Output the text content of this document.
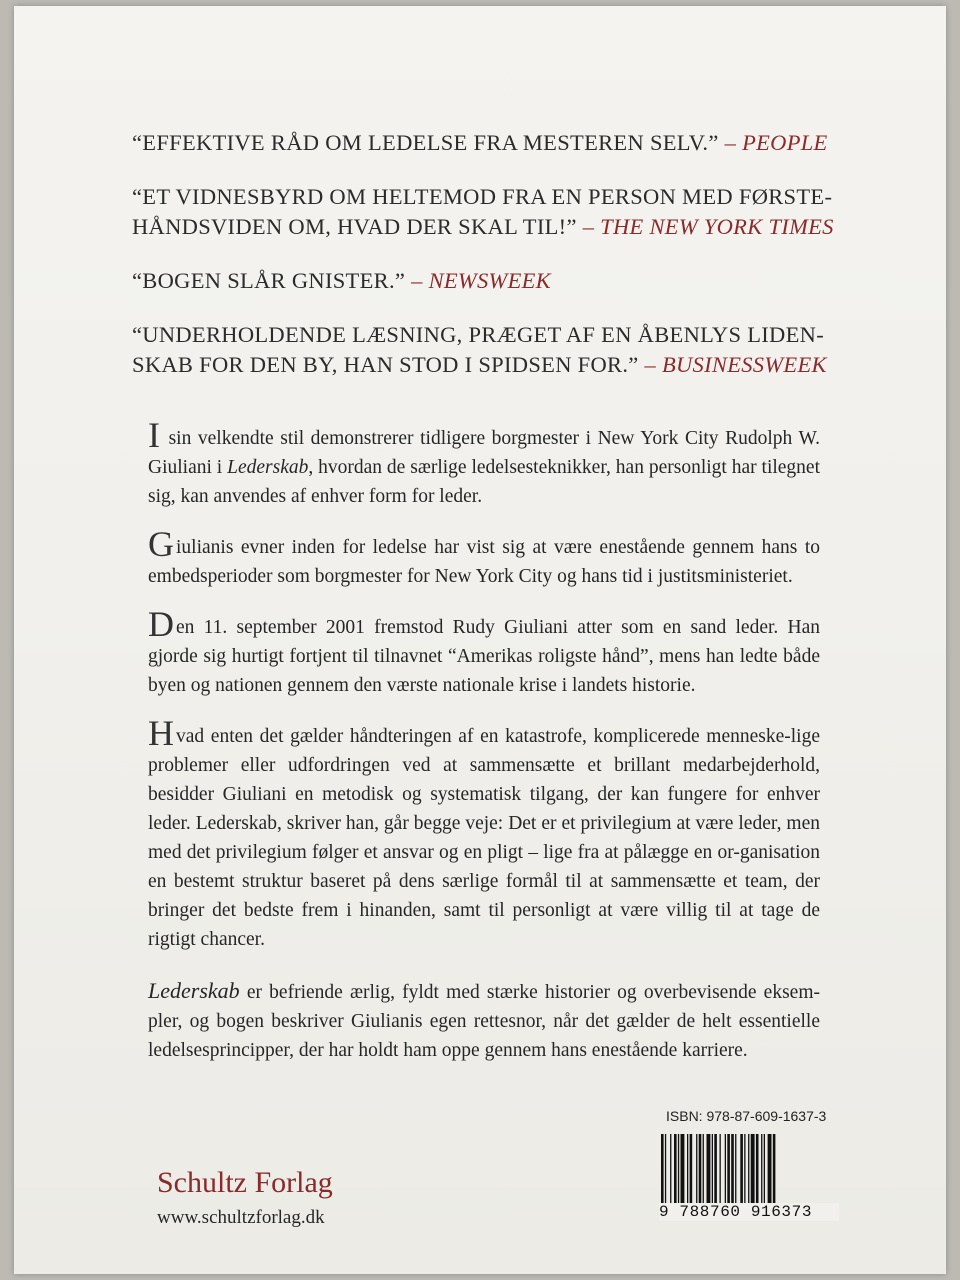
“EFFEKTIVE RÅD OM LEDELSE FRA MESTEREN SELV.” – PEOPLE

“ET VIDNESBYRD OM HELTEMOD FRA EN PERSON MED FØRSTE-HÅNDSVIDEN OM, HVAD DER SKAL TIL!” – THE NEW YORK TIMES

“BOGEN SLÅR GNISTER.” – NEWSWEEK

“UNDERHOLDENDE LÆSNING, PRÆGET AF EN ÅBENLYS LIDEN-SKAB FOR DEN BY, HAN STOD I SPIDSEN FOR.” – BUSINESSWEEK

I sin velkendte stil demonstrerer tidligere borgmester i New York City Rudolph W. Giuliani i Lederskab, hvordan de særlige ledelsesteknikker, han personligt har tilegnet sig, kan anvendes af enhver form for leder.

Giulianis evner inden for ledelse har vist sig at være enestående gennem hans to embedsperioder som borgmester for New York City og hans tid i justitsministeriet.

Den 11. september 2001 fremstod Rudy Giuliani atter som en sand leder. Han gjorde sig hurtigt fortjent til tilnavnet “Amerikas roligste hånd”, mens han ledte både byen og nationen gennem den værste nationale krise i landets historie.

Hvad enten det gælder håndteringen af en katastrofe, komplicerede menneske-lige problemer eller udfordringen ved at sammensætte et brillant medarbejderhold, besidder Giuliani en metodisk og systematisk tilgang, der kan fungere for enhver leder. Lederskab, skriver han, går begge veje: Det er et privilegium at være leder, men med det privilegium følger et ansvar og en pligt – lige fra at pålægge en or-ganisation en bestemt struktur baseret på dens særlige formål til at sammensætte et team, der bringer det bedste frem i hinanden, samt til personligt at være villig til at tage de rigtigt chancer.

Lederskab er befriende ærlig, fyldt med stærke historier og overbevisende eksem-pler, og bogen beskriver Giulianis egen rettesnor, når det gælder de helt essentielle ledelsesprincipper, der har holdt ham oppe gennem hans enestående karriere.

ISBN: 978-87-609-1637-3
9 788760 916373
Schultz Forlag
www.schultzforlag.dk
